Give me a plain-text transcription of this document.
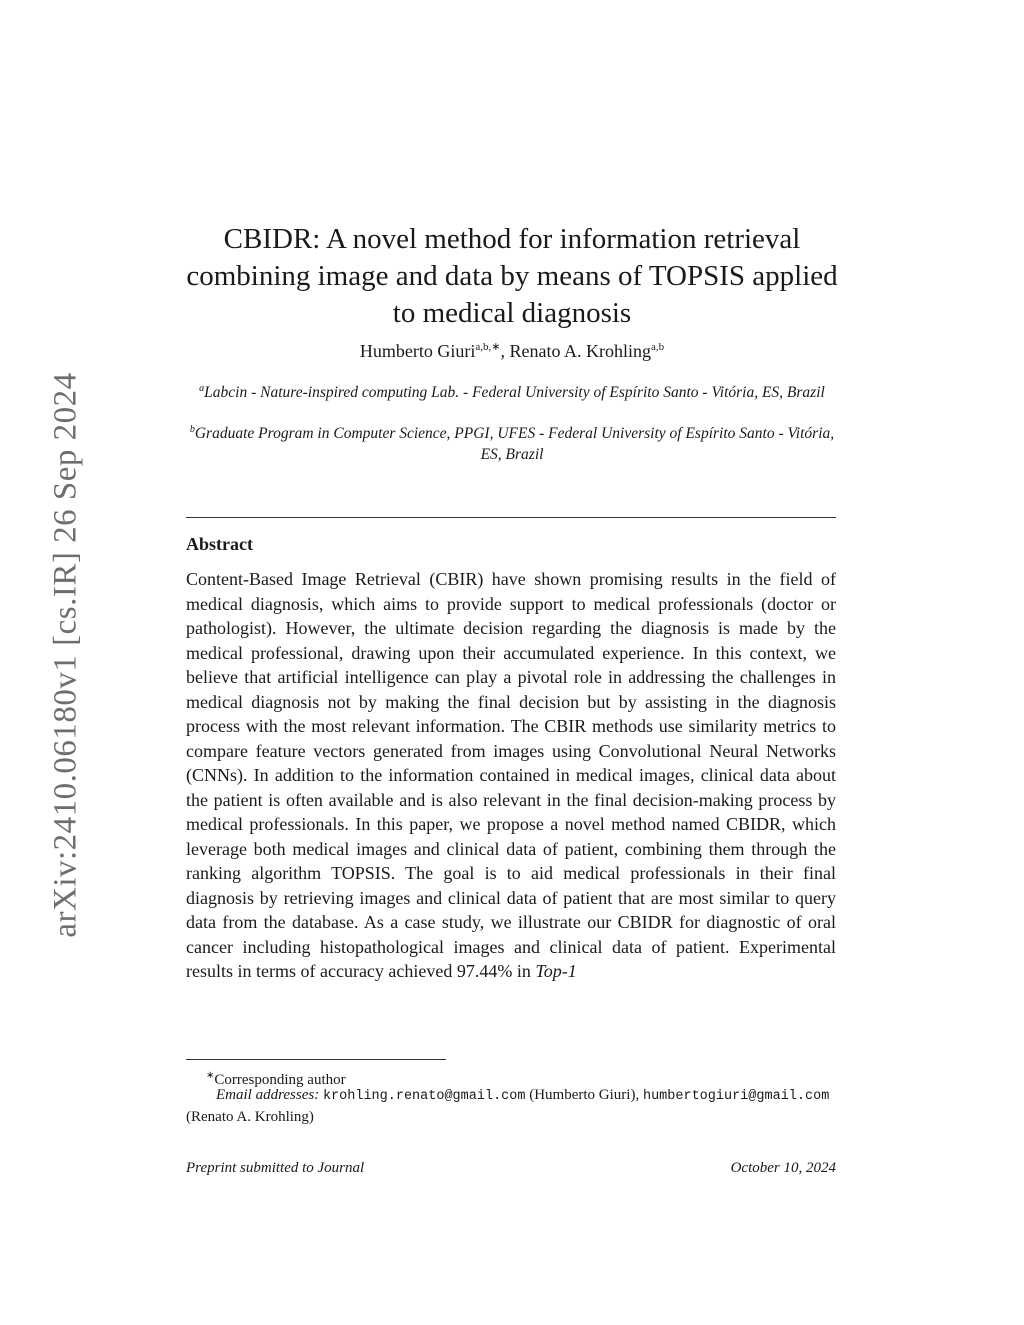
arXiv:2410.06180v1 [cs.IR] 26 Sep 2024
CBIDR: A novel method for information retrieval
combining image and data by means of TOPSIS applied
to medical diagnosis
Humberto Giuri$^{a,b,∗}$, Renato A. Krohling$^{a,b}$
$^a$Labcin - Nature-inspired computing Lab. - Federal University of Espírito Santo - Vitória, ES, Brazil
$^b$Graduate Program in Computer Science, PPGI, UFES - Federal University of Espírito Santo - Vitória, ES, Brazil
Abstract

Content-Based Image Retrieval (CBIR) have shown promising results in the field of medical diagnosis, which aims to provide support to medical professionals (doctor or pathologist). However, the ultimate decision regarding the diagnosis is made by the medical professional, drawing upon their accumulated experience. In this context, we believe that artificial intelligence can play a pivotal role in addressing the challenges in medical diagnosis not by making the final decision but by assisting in the diagnosis process with the most relevant information. The CBIR methods use similarity metrics to compare feature vectors generated from images using Convolutional Neural Networks (CNNs). In addition to the information contained in medical images, clinical data about the patient is often available and is also relevant in the final decision-making process by medical professionals. In this paper, we propose a novel method named CBIDR, which leverage both medical images and clinical data of patient, combining them through the ranking algorithm TOPSIS. The goal is to aid medical professionals in their final diagnosis by retrieving images and clinical data of patient that are most similar to query data from the database. As a case study, we illustrate our CBIDR for diagnostic of oral cancer including histopathological images and clinical data of patient. Experimental results in terms of accuracy achieved 97.44% in Top-1

∗Corresponding author
Email addresses: krohling.renato@gmail.com (Humberto Giuri), humbertogiuri@gmail.com (Renato A. Krohling)
Preprint submitted to Journal	October 10, 2024
